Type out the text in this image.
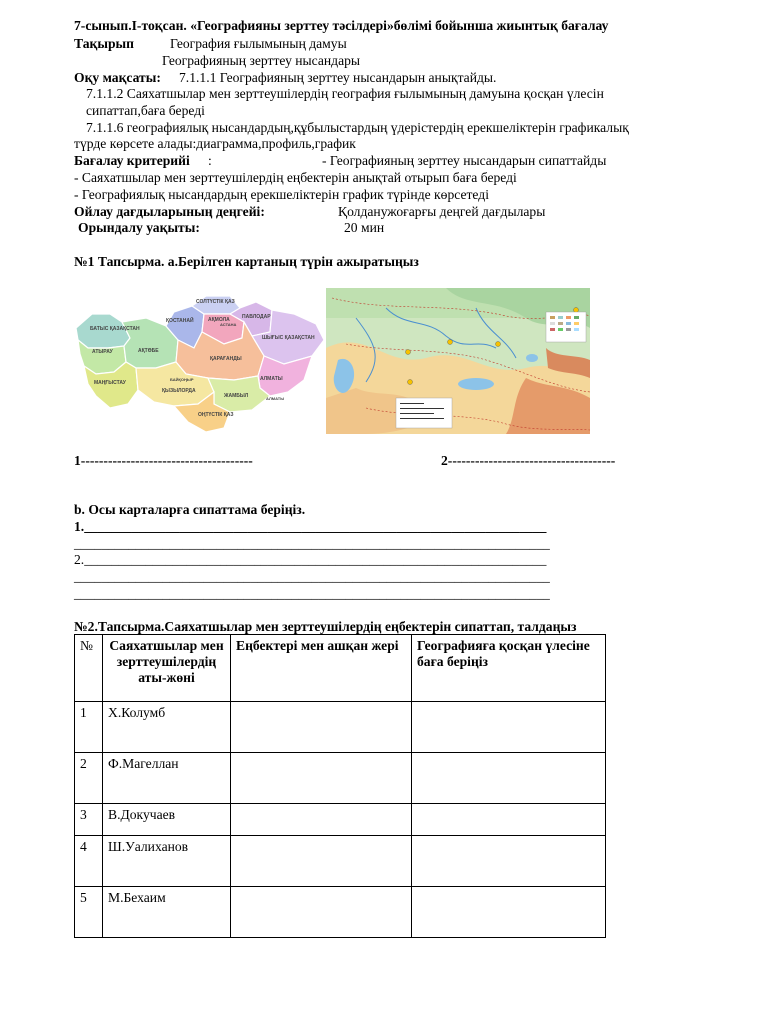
7-сынып.І-тоқсан. «Географияны зерттеу тәсілдері»бөлімі бойынша жиынтық бағалау
Тақырып	География ғылымының дамуы
Географияның зерттеу нысандары
Оқу мақсаты: 7.1.1.1 Географияның зерттеу нысандарын анықтайды.
7.1.1.2 Саяхатшылар мен зерттеушілердің география ғылымының дамуына қосқан үлесін
сипаттап,баға береді
7.1.1.6 географиялық нысандардың,құбылыстардың үдерістердің ерекшеліктерін графикалық
түрде көрсете алады:диаграмма,профиль,график
Бағалау критерийі :	- Географияның зерттеу нысандарын сипаттайды
- Саяхатшылар мен зерттеушілердің еңбектерін анықтай отырып баға береді
- Географиялық нысандардың ерекшеліктерін график түрінде көрсетеді
Ойлау дағдыларының деңгейі:	Қолданужоғарғы деңгей дағдылары
Орындалу уақыты:	20 мин
№1 Тапсырма. а.Берілген картаның түрін ажыратыңыз
СОЛТҮСТІК ҚАЗ
ҚОСТАНАЙ
ПАВЛОДАР
АҚМОЛА
АСТАНА
БАТЫС ҚАЗАҚСТАН
ШЫҒЫС ҚАЗАҚСТАН
АҚТӨБЕ
АТЫРАУ
ҚАРАҒАНДЫ
БАЙҚОҢЫР
МАҢҒЫСТАУ
ҚЫЗЫЛОРДА
АЛМАТЫ
АЛМАТЫ
ЖАМБЫЛ
ОҢТҮСТІК ҚАЗ
1--------------------------------------	2-------------------------------------
b. Осы карталарға сипаттама беріңіз.
1.____________________________________________________________________
______________________________________________________________________
2.____________________________________________________________________
______________________________________________________________________
______________________________________________________________________
№2.Тапсырма.Саяхатшылар мен зерттеушілердің еңбектерін сипаттап, талдаңыз
№	Саяхатшылар мен зерттеушілердің аты-жөні	Еңбектері мен ашқан жері	Географияға қосқан үлесіне баға беріңіз
1	Х.Колумб		
2	Ф.Магеллан		
3	В.Докучаев		
4	Ш.Уалиханов		
5	М.Бехаим		
